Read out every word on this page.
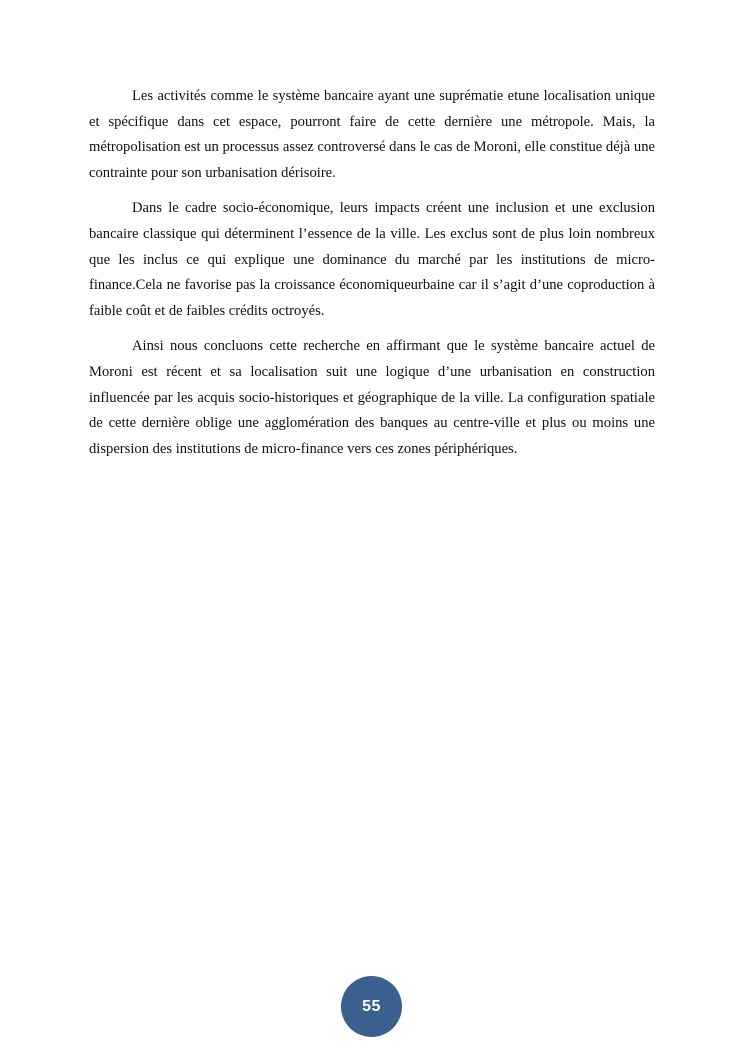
Les activités comme le système bancaire ayant une suprématie etune localisation unique et spécifique dans cet espace, pourront faire de cette dernière une métropole. Mais, la métropolisation est un processus assez controversé dans le cas de Moroni, elle constitue déjà une contrainte pour son urbanisation dérisoire.

Dans le cadre socio-économique, leurs impacts créent une inclusion et une exclusion bancaire classique qui déterminent l’essence de la ville. Les exclus sont de plus loin nombreux que les inclus ce qui explique une dominance du marché par les institutions de micro-finance.Cela ne favorise pas la croissance économiqueurbaine car il s’agit d’une coproduction à faible coût et de faibles crédits octroyés.

Ainsi nous concluons cette recherche en affirmant que le système bancaire actuel de Moroni est récent et sa localisation suit une logique d’une urbanisation en construction influencée par les acquis socio-historiques et géographique de la ville. La configuration spatiale de cette dernière oblige une agglomération des banques au centre-ville et plus ou moins une dispersion des institutions de micro-finance vers ces zones périphériques.

55
